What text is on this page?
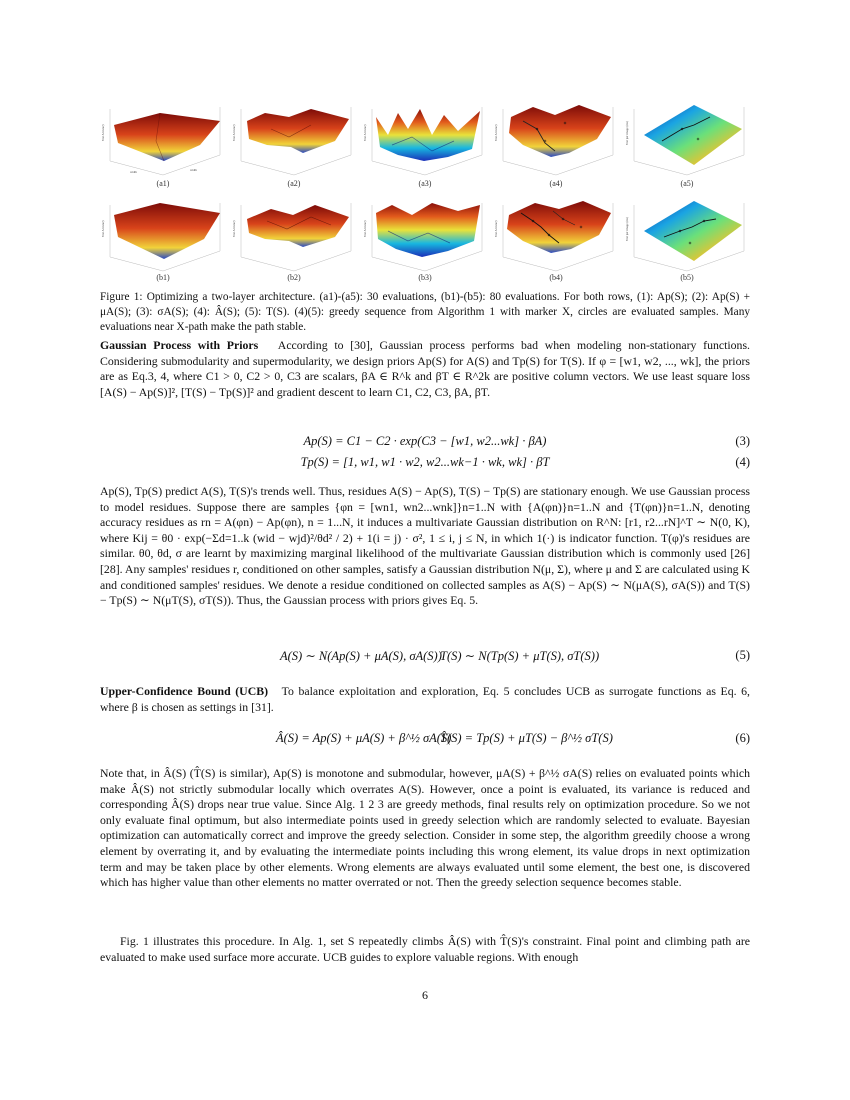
Test Accuracy
width	width
Test Accuracy	Test Accuracy	Test Accuracy	Test per image (ms)
(a1)	(a2)	(a3)	(a4)	(a5)
Test Accuracy	Test Accuracy	Test Accuracy	Test Accuracy	Test per image (ms)
(b1)	(b2)	(b3)	(b4)	(b5)
Figure 1: Optimizing a two-layer architecture. (a1)-(a5): 30 evaluations, (b1)-(b5): 80 evaluations. For both rows, (1): Ap(S); (2): Ap(S) + μA(S); (3): σA(S); (4): Â(S); (5): T(S). (4)(5): greedy sequence from Algorithm 1 with marker X, circles are evaluated samples. Many evaluations near X-path make the path stable.
Gaussian Process with Priors According to [30], Gaussian process performs bad when modeling non-stationary functions. Considering submodularity and supermodularity, we design priors Ap(S) for A(S) and Tp(S) for T(S). If φ = [w1, w2, ..., wk], the priors are as Eq.3, 4, where C1 > 0, C2 > 0, C3 are scalars, βA ∈ R^k and βT ∈ R^2k are positive column vectors. We use least square loss [A(S) − Ap(S)]², [T(S) − Tp(S)]² and gradient descent to learn C1, C2, C3, βA, βT.
Ap(S) = C1 − C2 · exp(C3 − [w1, w2...wk] · βA)	(3)
Tp(S) = [1, w1, w1 · w2, w2...wk−1 · wk, wk] · βT	(4)
Ap(S), Tp(S) predict A(S), T(S)'s trends well. Thus, residues A(S) − Ap(S), T(S) − Tp(S) are stationary enough. We use Gaussian process to model residues. Suppose there are samples {φn = [wn1, wn2...wnk]}n=1..N with {A(φn)}n=1..N and {T(φn)}n=1..N, denoting accuracy residues as rn = A(φn) − Ap(φn), n = 1...N, it induces a multivariate Gaussian distribution on R^N: [r1, r2...rN]^T ∼ N(0, K), where Kij = θ0 · exp(−Σd=1..k (wid − wjd)²/θd² / 2) + 1(i = j) · σ², 1 ≤ i, j ≤ N, in which 1(·) is indicator function. T(φ)'s residues are similar. θ0, θd, σ are learnt by maximizing marginal likelihood of the multivariate Gaussian distribution which is commonly used [26][28]. Any samples' residues r, conditioned on other samples, satisfy a Gaussian distribution N(μ, Σ), where μ and Σ are calculated using K and conditioned samples' residues. We denote a residue conditioned on collected samples as A(S) − Ap(S) ∼ N(μA(S), σA(S)) and T(S) − Tp(S) ∼ N(μT(S), σT(S)). Thus, the Gaussian process with priors gives Eq. 5.
A(S) ∼ N(Ap(S) + μA(S), σA(S))
T(S) ∼ N(Tp(S) + μT(S), σT(S))	(5)
Upper-Confidence Bound (UCB) To balance exploitation and exploration, Eq. 5 concludes UCB as surrogate functions as Eq. 6, where β is chosen as settings in [31].
Â(S) = Ap(S) + μA(S) + β^½ σA(S)
T̂(S) = Tp(S) + μT(S) − β^½ σT(S)	(6)
Note that, in Â(S) (T̂(S) is similar), Ap(S) is monotone and submodular, however, μA(S) + β^½ σA(S) relies on evaluated points which make Â(S) not strictly submodular locally which overrates A(S). However, once a point is evaluated, its variance is reduced and corresponding Â(S) drops near true value. Since Alg. 1 2 3 are greedy methods, final results rely on optimization procedure. So we not only evaluate final optimum, but also intermediate points used in greedy selection which are randomly selected to evaluate. Bayesian optimization can automatically correct and improve the greedy selection. Consider in some step, the algorithm greedily choose a wrong element by overrating it, and by evaluating the intermediate points including this wrong element, its value drops in next optimization term and may be taken place by other elements. Wrong elements are always evaluated until some element, the best one, is discovered which has higher value than other elements no matter overrated or not. Then the greedy selection sequence becomes stable.
Fig. 1 illustrates this procedure. In Alg. 1, set S repeatedly climbs Â(S) with T̂(S)'s constraint. Final point and climbing path are evaluated to make used surface more accurate. UCB guides to explore valuable regions. With enough
6
